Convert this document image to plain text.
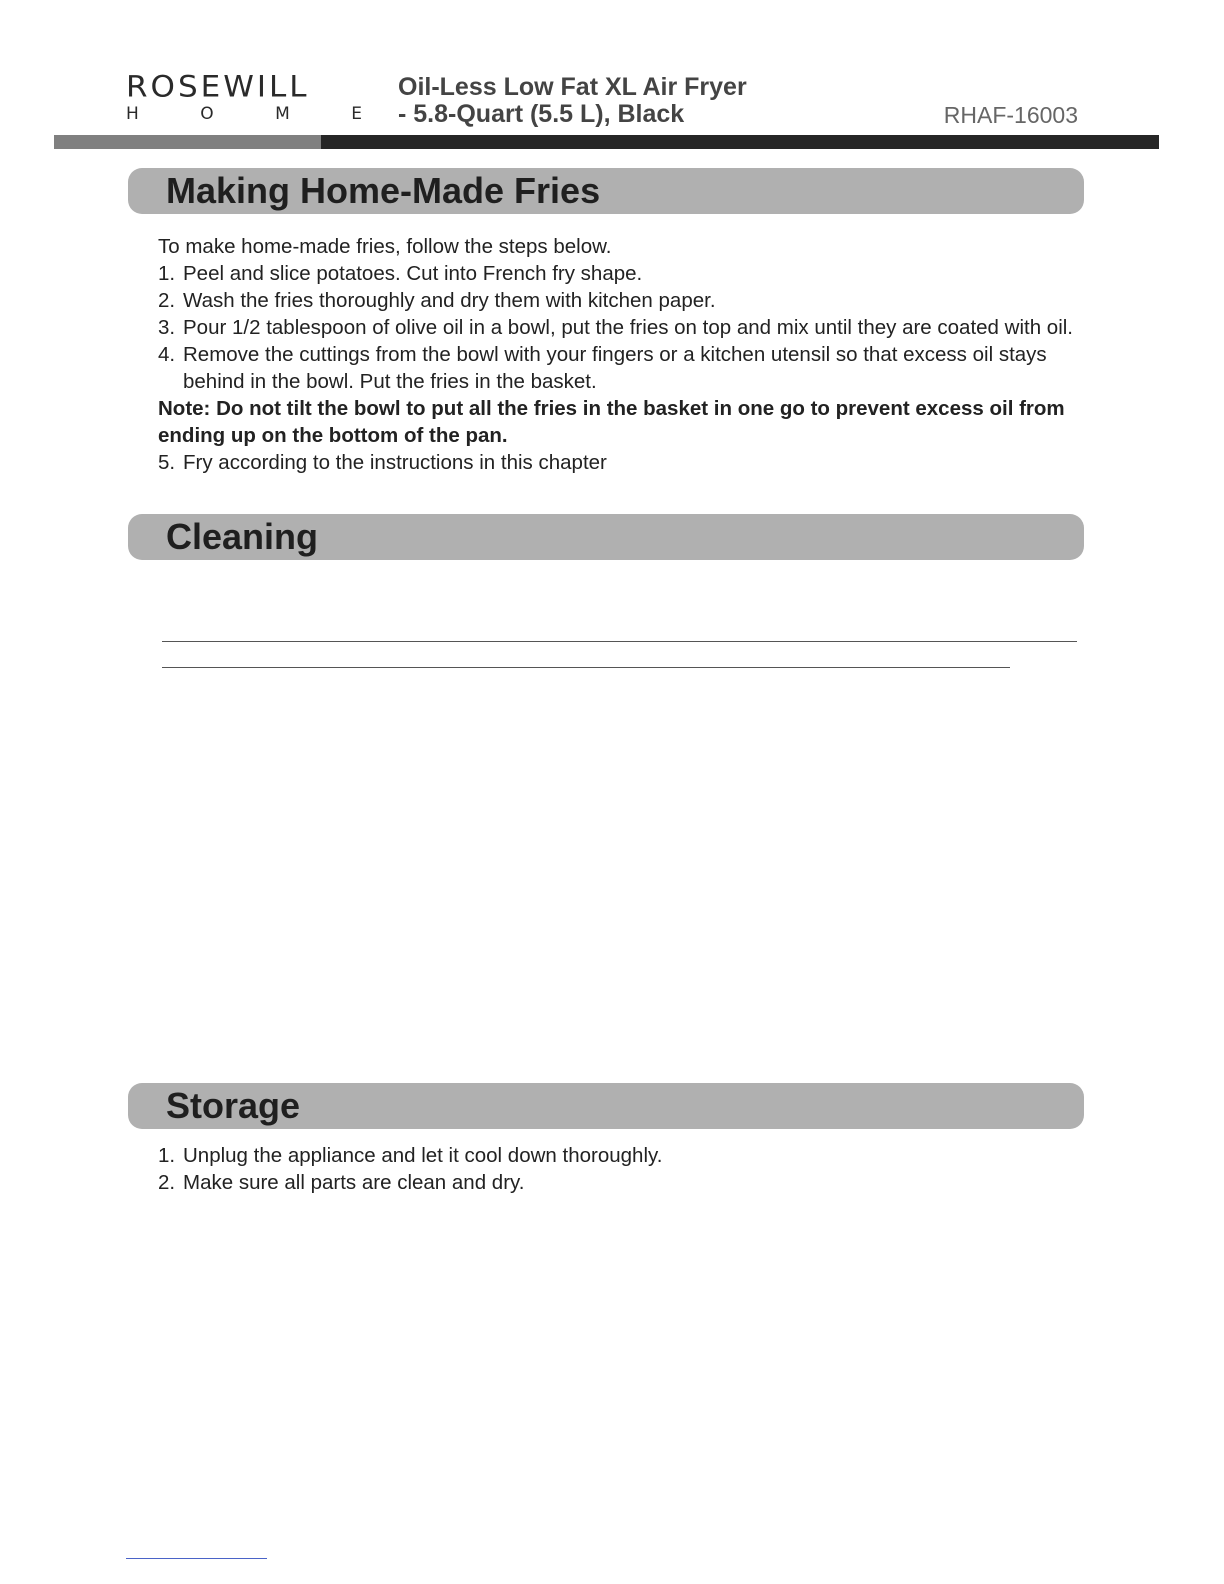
ROSEWILL
H	O	M	E
Oil-Less Low Fat XL Air Fryer
- 5.8-Quart (5.5 L), Black	RHAF-16003
Making Home-Made Fries

To make home-made fries, follow the steps below.

1. Peel and slice potatoes. Cut into French fry shape.
2. Wash the fries thoroughly and dry them with kitchen paper.
3. Pour 1/2 tablespoon of olive oil in a bowl, put the fries on top and mix until they are coated with oil.
4. Remove the cuttings from the bowl with your fingers or a kitchen utensil so that excess oil stays behind in the bowl. Put the fries in the basket.

Note: Do not tilt the bowl to put all the fries in the basket in one go to prevent excess oil from ending up on the bottom of the pan.

5. Fry according to the instructions in this chapter
Cleaning
Storage
1. Unplug the appliance and let it cool down thoroughly.
2. Make sure all parts are clean and dry.
